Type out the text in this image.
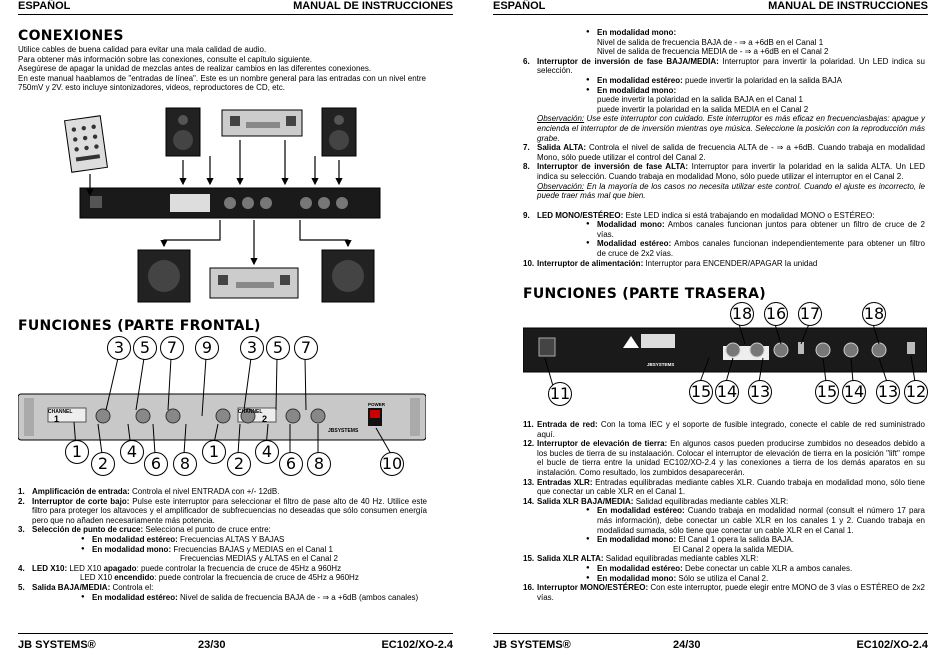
ESPAÑOL	MANUAL DE INSTRUCCIONES
CONEXIONES

Utilice cables de buena calidad para evitar una mala calidad de audio.

Para obtener más información sobre las conexiones, consulte el capítulo siguiente.

Asegúrese de apagar la unidad de mezclas antes de realizar cambios en las diferentes conexiones.

En este manual haablamos de "entradas de línea". Este es un nombre general para las entradas con un nivel entre 750mV y 2V. esto incluye sintonizadores, videos, reproductores de CD, etc.

FUNCIONES (PARTE FRONTAL)
CHANNEL
1
CHANNEL
2
JBSYSTEMS
POWER
3 5	7	9	3 5	7
1
2
4
6	8
1
2
4
6	8	10

1. Amplificación de entrada: Controla el nivel ENTRADA con +/- 12dB.

2. Interruptor de corte bajo: Pulse este interruptor para seleccionar el filtro de pase alto de 40 Hz. Utilice este filtro para proteger los altavoces y el amplificador de subfrecuencias no deseadas que sólo consumen energía pero que no añaden necesariamente más potencia.

3. Selección de punto de cruce: Selecciona el punto de cruce entre:

● En modalidad estéreo: Frecuencias ALTAS Y BAJAS

● En modalidad mono: Frecuencias BAJAS y MEDIAS en el Canal 1

Frecuencias MEDIAS y ALTAS en el Canal 2

4. LED X10: LED X10 apagado: puede controlar la frecuencia de cruce de 45Hz a 960Hz

LED X10 encendido: puede controlar la frecuencia de cruce de 45Hz a 960Hz

5. Salida BAJA/MEDIA: Controla el:

● En modalidad estéreo: Nivel de salida de frecuencia BAJA de - ⇒ a +6dB (ambos canales)

JB SYSTEMS®	23/30	EC102/XO-2.4
ESPAÑOL	MANUAL DE INSTRUCCIONES

● En modalidad mono:

Nivel de salida de frecuencia BAJA de - ⇒ a +6dB en el Canal 1

Nivel de salida de frecuencia MEDIA de - ⇒ a +6dB en el Canal 2

6. Interruptor de inversión de fase BAJA/MEDIA: Interruptor para invertir la polaridad. Un LED indica su selección.

● En modalidad estéreo: puede invertir la polaridad en la salida BAJA

● En modalidad mono:

puede invertir la polaridad en la salida BAJA en el Canal 1

puede invertir la polaridad en la salida MEDIA en el Canal 2

Observación: Use este interruptor con cuidado. Este interruptor es más eficaz en frecuenciasbajas: apague y encienda el interruptor de de inversión mientras oye música. Seleccione la posición con la reproducción más grabe.

7. Salida ALTA: Controla el nivel de salida de frecuencia ALTA de - ⇒ a +6dB. Cuando trabaja en modalidad Mono, sólo puede utilizar el control del Canal 2.

8. Interruptor de inversión de fase ALTA: Interruptor para invertir la polaridad en la salida ALTA. Un LED indica su selección. Cuando trabaja en modalidad Mono, sólo puede utilizar el interruptor en el Canal 2.

Observación: En la mayoría de los casos no necesita utilizar este control. Cuando el ajuste es incorrecto, le puede traer más mal que bien.

9. LED MONO/ESTÉREO: Este LED indica si está trabajando en modalidad MONO o ESTÉREO:

● Modalidad mono: Ambos canales funcionan juntos para obtener un filtro de cruce de 2 vías.

● Modalidad estéreo: Ambos canales funcionan independientemente para obtener un filtro de cruce de 2x2 vías.

10. Interruptor de alimentación: Interruptor para ENCENDER/APAGAR la unidad

FUNCIONES (PARTE TRASERA)
JBSYSTEMS
18 16 17	18
11	15 14 13	15 14 13 12

11. Entrada de red: Con la toma IEC y el soporte de fusible integrado, conecte el cable de red suministrado aquí.

12. Interruptor de elevación de tierra: En algunos casos pueden producirse zumbidos no deseados debido a los bucles de tierra de su instalaación. Colocar el interruptor de elevación de tierra en la posición "lift" rompe el bucle de tierra entre la unidad EC102/XO-2.4 y las conexiones a tierra de los demás aparatos en su instalación. Como resultado, los zumbidos desaparecerán.

13. Entradas XLR: Entradas equilibradas mediante cables XLR. Cuando trabaja en modalidad mono, sólo tiene que conectar un cable XLR en el Canal 1.

14. Salida XLR BAJA/MEDIA: Salidad equilibradas mediante cables XLR:

● En modalidad estéreo: Cuando trabaja en modalidad normal (consult el número 17 para más información), debe conectar un cable XLR en los canales 1 y 2. Cuando trabaja en modalidad sumada, sólo tiene que conectar un cable XLR en el Canal 1.

● En modalidad mono: El Canal 1 opera la salida BAJA.

El Canal 2 opera la salida MEDIA.

15. Salida XLR ALTA: Salidad equilibradas mediante cables XLR:

● En modalidad estéreo: Debe conectar un cable XLR a ambos canales.

● En modalidad mono: Sólo se utiliza el Canal 2.

16. Interruptor MONO/ESTÉREO: Con este interruptor, puede elegir entre MONO de 3 vías o ESTÉREO de 2x2 vías.

JB SYSTEMS®	24/30	EC102/XO-2.4
